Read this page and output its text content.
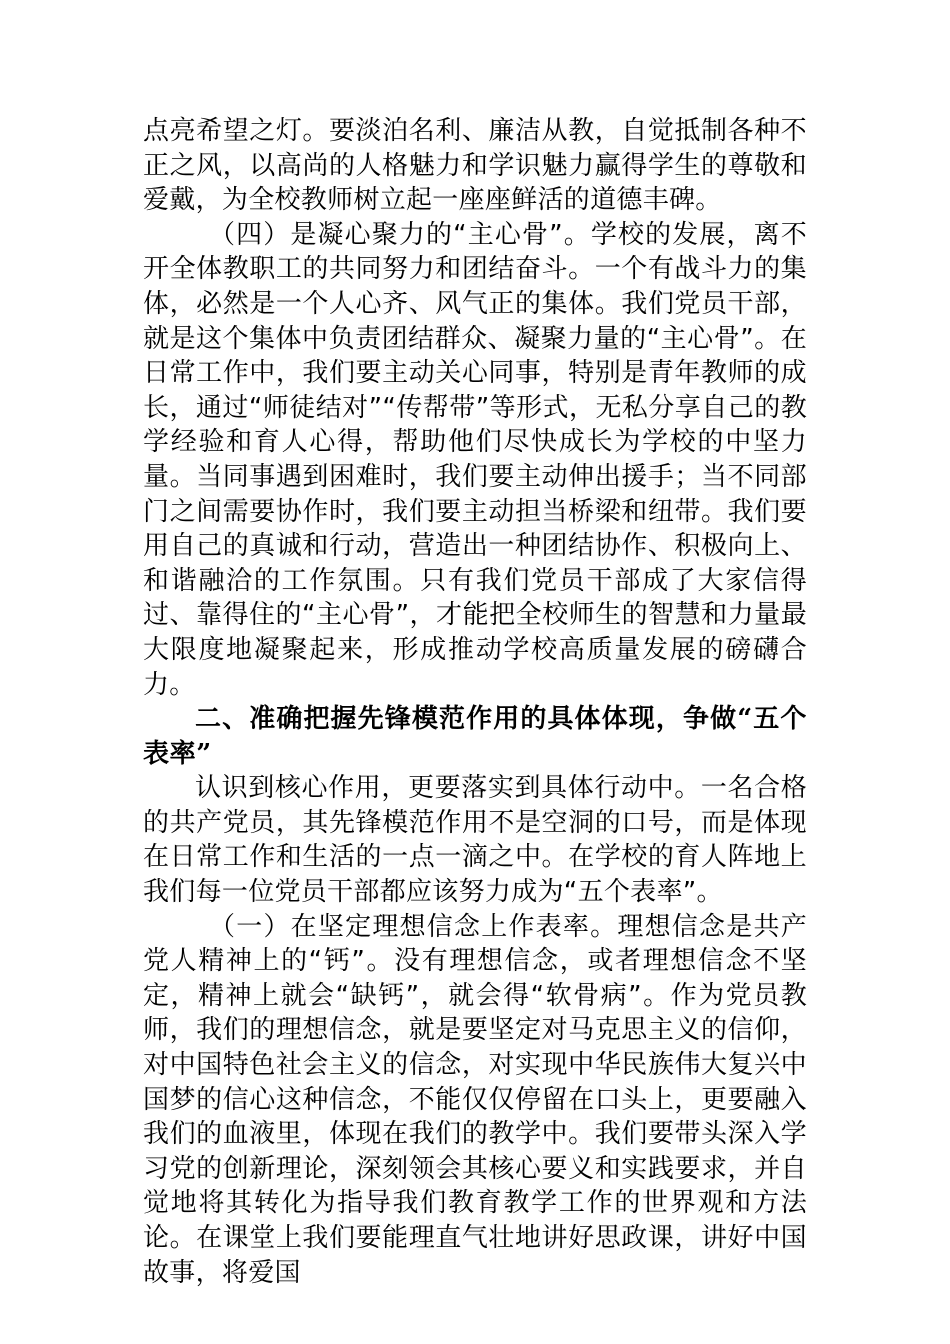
点亮希望之灯。要淡泊名利、廉洁从教，自觉抵制各种不正之风，以高尚的人格魅力和学识魅力赢得学生的尊敬和爱戴，为全校教师树立起一座座鲜活的道德丰碑。

（四）是凝心聚力的“主心骨”。学校的发展，离不开全体教职工的共同努力和团结奋斗。一个有战斗力的集体，必然是一个人心齐、风气正的集体。我们党员干部，就是这个集体中负责团结群众、凝聚力量的“主心骨”。在日常工作中，我们要主动关心同事，特别是青年教师的成长，通过“师徒结对”“传帮带”等形式，无私分享自己的教学经验和育人心得，帮助他们尽快成长为学校的中坚力量。当同事遇到困难时，我们要主动伸出援手；当不同部门之间需要协作时，我们要主动担当桥梁和纽带。我们要用自己的真诚和行动，营造出一种团结协作、积极向上、和谐融洽的工作氛围。只有我们党员干部成了大家信得过、靠得住的“主心骨”，才能把全校师生的智慧和力量最大限度地凝聚起来，形成推动学校高质量发展的磅礴合力。

二、准确把握先锋模范作用的具体体现，争做“五个表率”

认识到核心作用，更要落实到具体行动中。一名合格的共产党员，其先锋模范作用不是空洞的口号，而是体现在日常工作和生活的一点一滴之中。在学校的育人阵地上我们每一位党员干部都应该努力成为“五个表率”。

（一）在坚定理想信念上作表率。理想信念是共产党人精神上的“钙”。没有理想信念，或者理想信念不坚定，精神上就会“缺钙”，就会得“软骨病”。作为党员教师，我们的理想信念，就是要坚定对马克思主义的信仰，对中国特色社会主义的信念，对实现中华民族伟大复兴中国梦的信心这种信念，不能仅仅停留在口头上，更要融入我们的血液里，体现在我们的教学中。我们要带头深入学习党的创新理论，深刻领会其核心要义和实践要求，并自觉地将其转化为指导我们教育教学工作的世界观和方法论。在课堂上我们要能理直气壮地讲好思政课，讲好中国故事，将爱国
